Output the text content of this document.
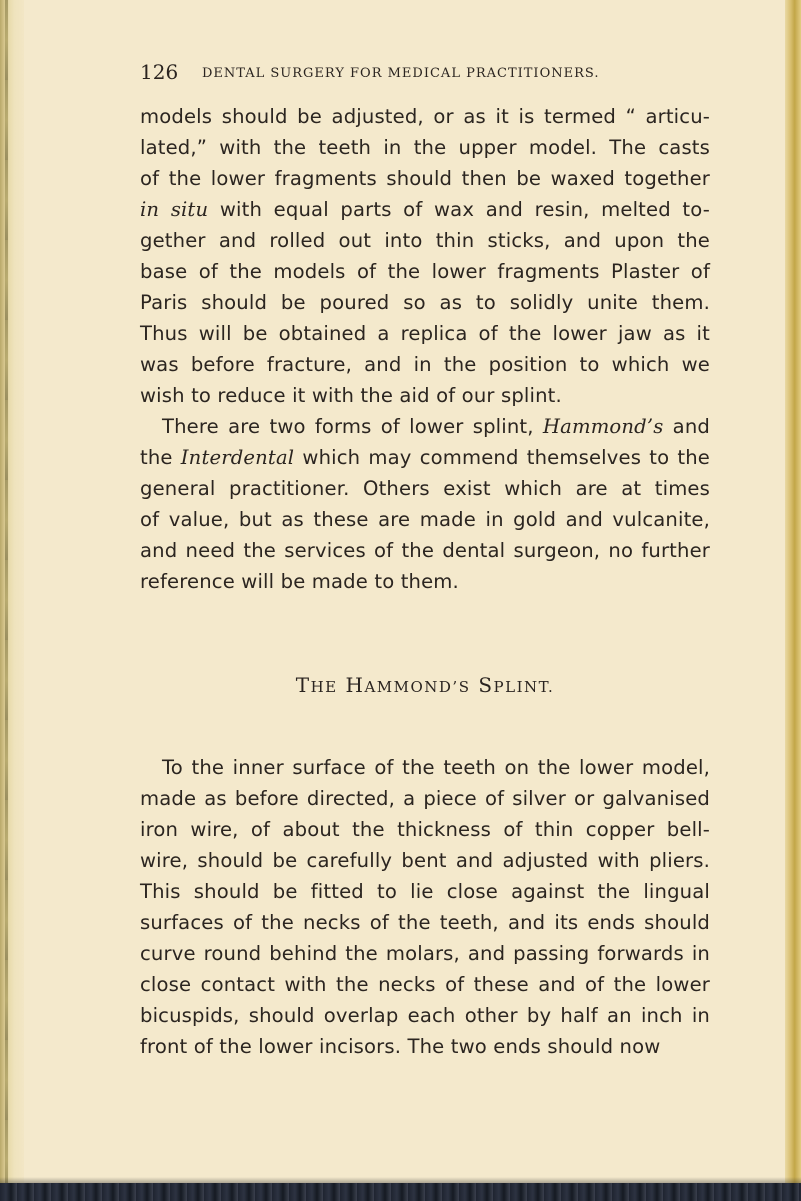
126 DENTAL SURGERY FOR MEDICAL PRACTITIONERS.

models should be adjusted, or as it is termed “ articu-
lated,” with the teeth in the upper model. The casts
of the lower fragments should then be waxed together
in situ with equal parts of wax and resin, melted to-
gether and rolled out into thin sticks, and upon the
base of the models of the lower fragments Plaster of
Paris should be poured so as to solidly unite them.
Thus will be obtained a replica of the lower jaw as it
was before fracture, and in the position to which we
wish to reduce it with the aid of our splint.

There are two forms of lower splint, Hammond’s and
the Interdental which may commend themselves to the
general practitioner. Others exist which are at times
of value, but as these are made in gold and vulcanite,
and need the services of the dental surgeon, no further
reference will be made to them.

THE HAMMOND’S SPLINT.

To the inner surface of the teeth on the lower model,
made as before directed, a piece of silver or galvanised
iron wire, of about the thickness of thin copper bell-
wire, should be carefully bent and adjusted with pliers.
This should be fitted to lie close against the lingual
surfaces of the necks of the teeth, and its ends should
curve round behind the molars, and passing forwards in
close contact with the necks of these and of the lower
bicuspids, should overlap each other by half an inch in
front of the lower incisors. The two ends should now
